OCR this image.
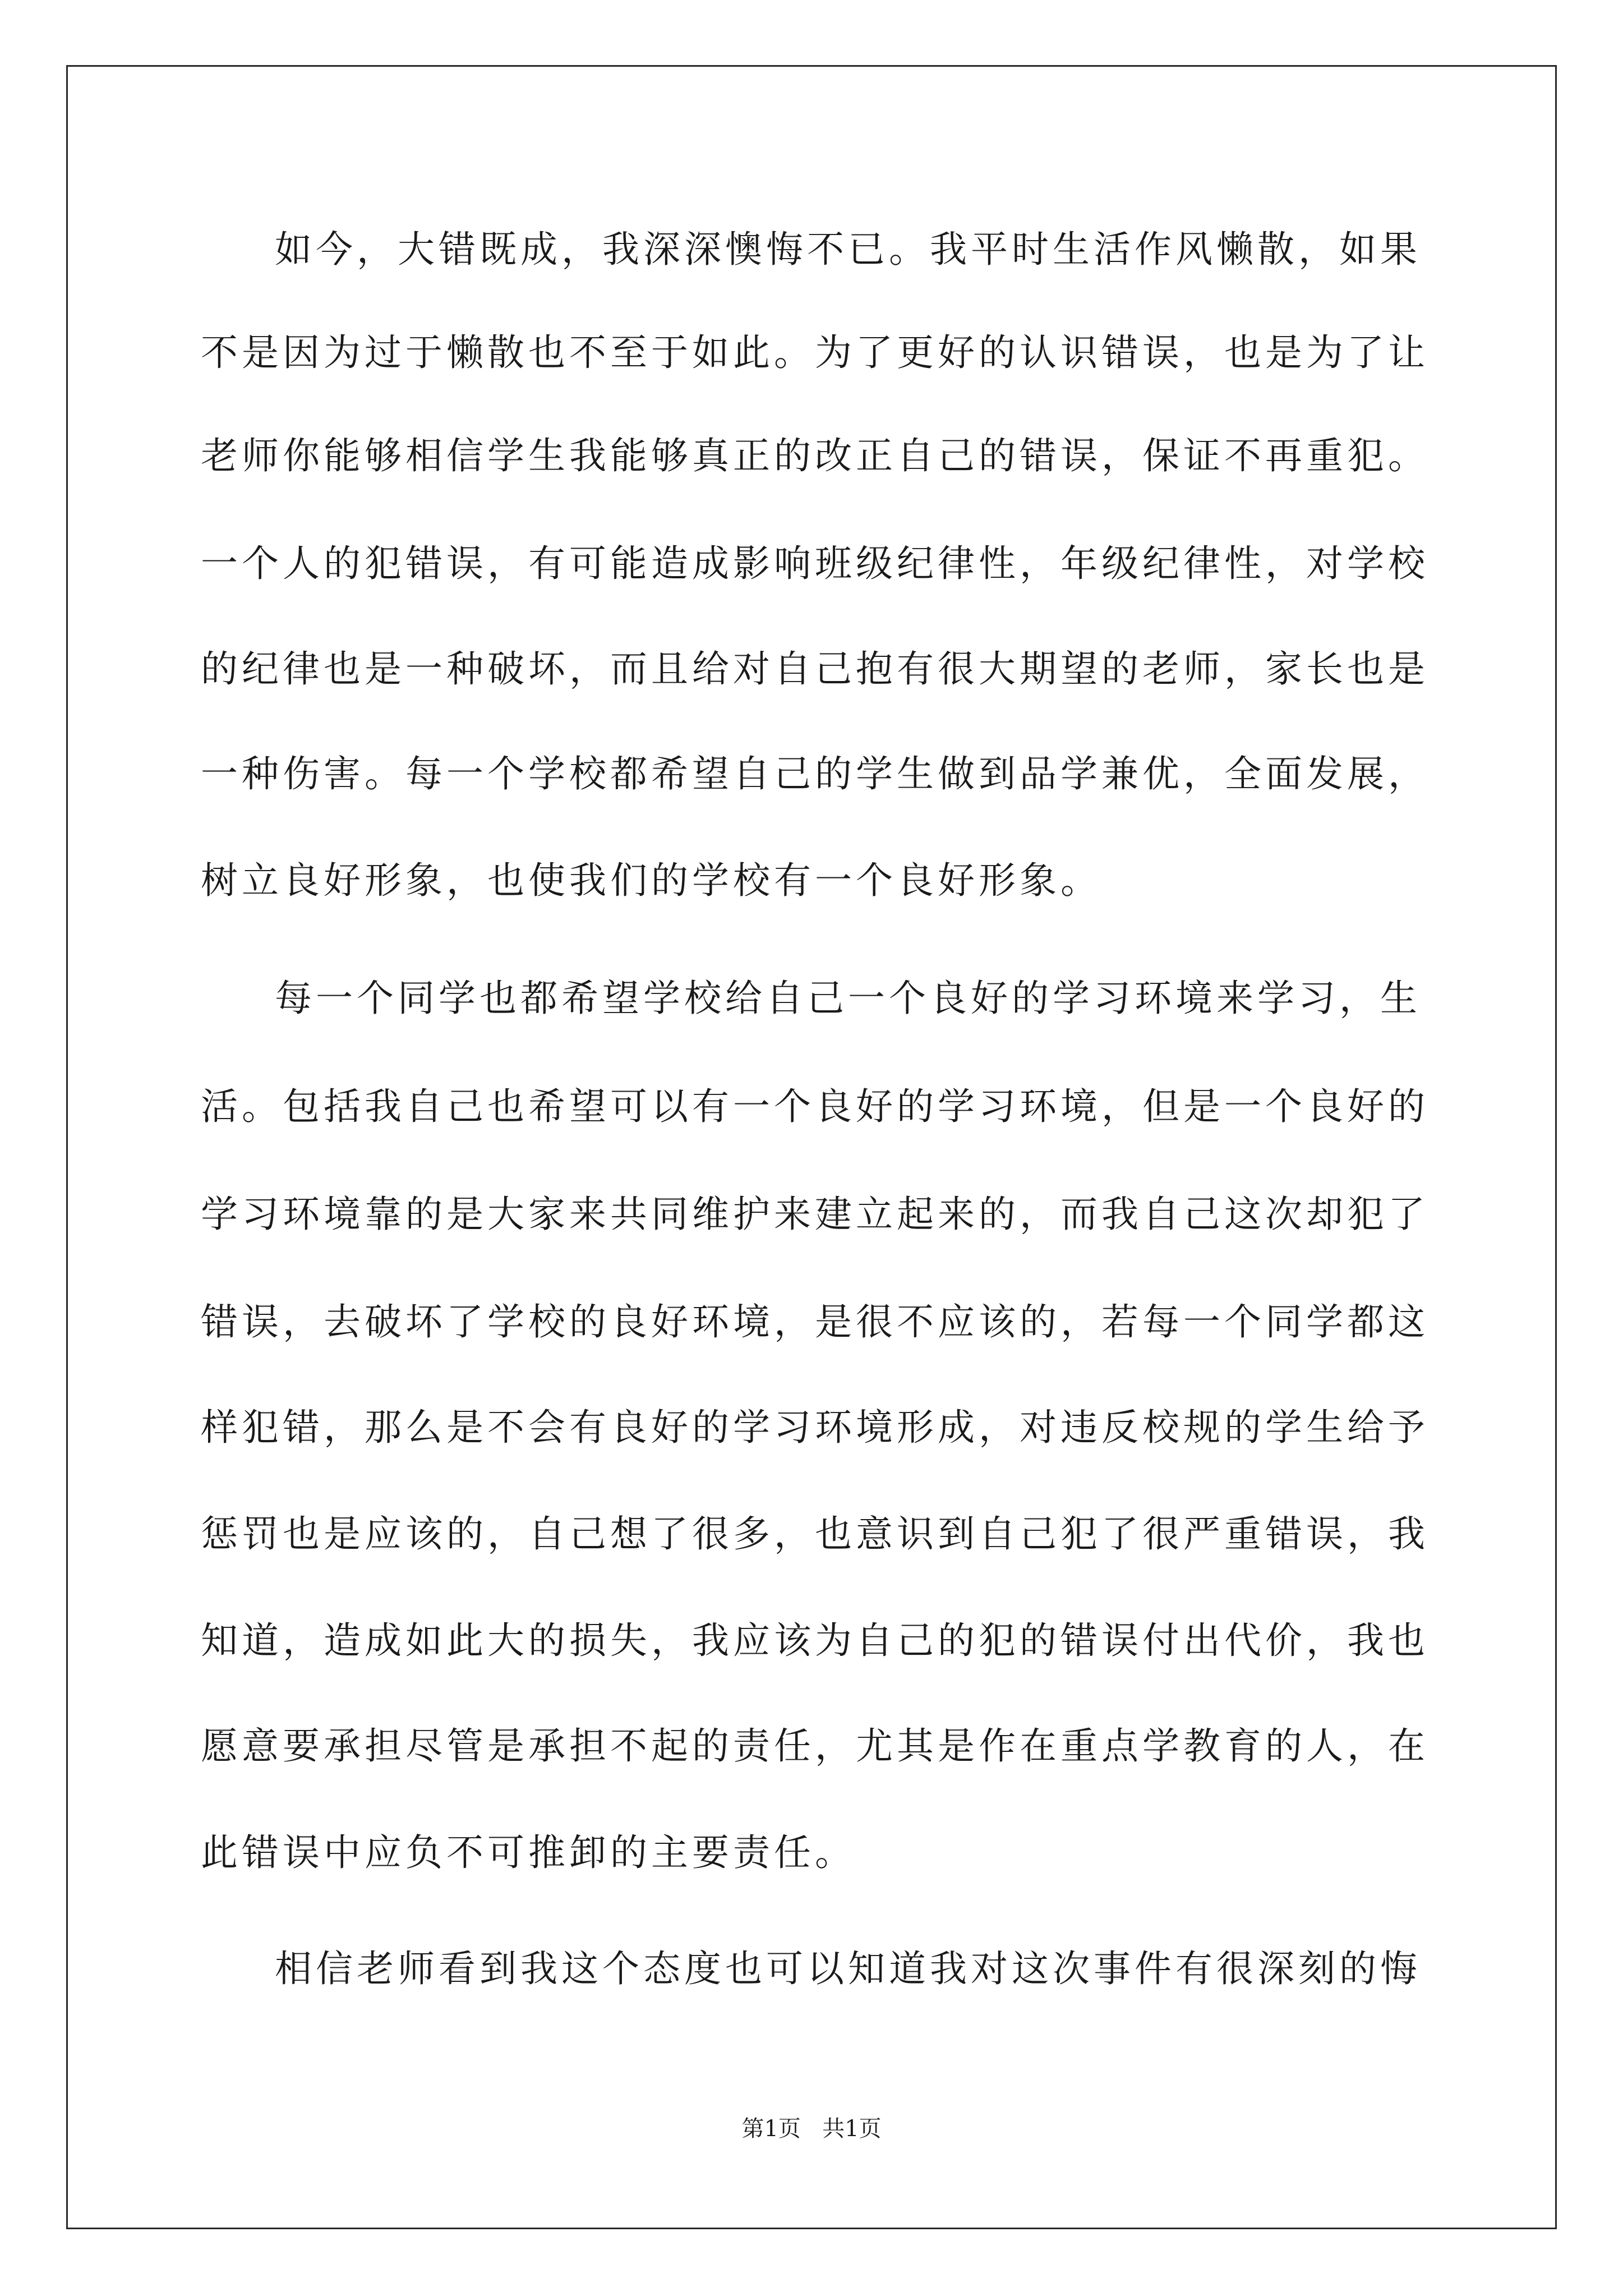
如今，大错既成，我深深懊悔不已。我平时生活作风懒散，如果
不是因为过于懒散也不至于如此。为了更好的认识错误，也是为了让
老师你能够相信学生我能够真正的改正自己的错误，保证不再重犯。
一个人的犯错误，有可能造成影响班级纪律性，年级纪律性，对学校
的纪律也是一种破坏，而且给对自己抱有很大期望的老师，家长也是
一种伤害。每一个学校都希望自己的学生做到品学兼优，全面发展，
树立良好形象，也使我们的学校有一个良好形象。
每一个同学也都希望学校给自己一个良好的学习环境来学习，生
活。包括我自己也希望可以有一个良好的学习环境，但是一个良好的
学习环境靠的是大家来共同维护来建立起来的，而我自己这次却犯了
错误，去破坏了学校的良好环境，是很不应该的，若每一个同学都这
样犯错，那么是不会有良好的学习环境形成，对违反校规的学生给予
惩罚也是应该的，自己想了很多，也意识到自己犯了很严重错误，我
知道，造成如此大的损失，我应该为自己的犯的错误付出代价，我也
愿意要承担尽管是承担不起的责任，尤其是作在重点学教育的人，在
此错误中应负不可推卸的主要责任。
相信老师看到我这个态度也可以知道我对这次事件有很深刻的悔
第1页 共1页
